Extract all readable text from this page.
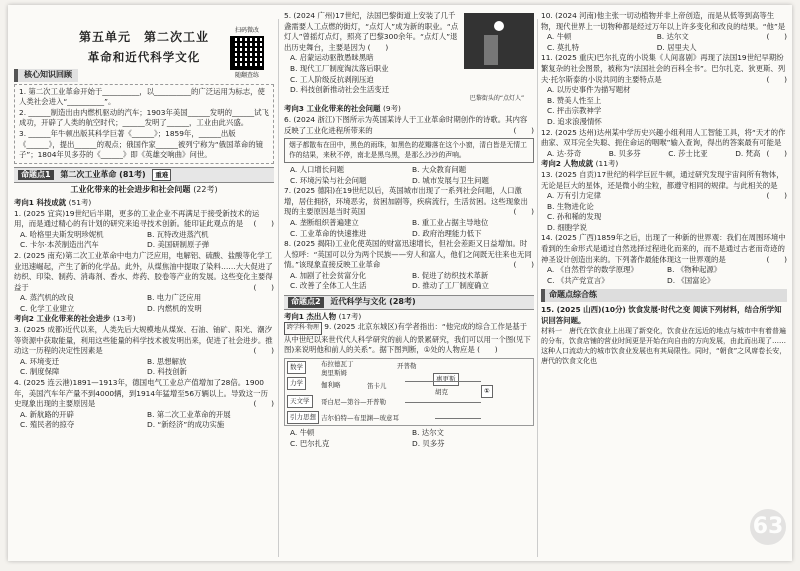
第五单元　第二次工业
革命和近代科学文化
扫码微改
随翻查练
核心知识回顾

1. 第二次工业革命开始于__________，以__________的广泛运用为标志，使人类社会进入“__________”。

2. ______制造出由内燃机驱动的汽车；1903年美国______发明的______试飞成功，开辟了人类的航空时代；______发明了______，工业由此兴盛。

3. ______年牛顿出版其科学巨著《______》；1859年，______出版《______》，提出______的观点；俄国作家______被列宁称为“俄国革命的镜子”；1804年贝多芬的《______》即《英雄交响曲》问世。

命题点1 第二次工业革命 (81考) 重难
工业化带来的社会进步和社会问题 (22考)
考向1 科技成就 (51考)

1. (2025 宜宾)19世纪后半期，更多的工业企业不再满足于接受新技术的运用，而是通过精心的有计划的研究来追寻技术创新。能印证此观点的是 (　　)

A. 哈格里夫斯发明珍妮机	B. 瓦特改进蒸汽机
C. 卡尔·本茨制造出汽车	D. 美国研制原子弹

2. (2025 南充)第二次工业革命中电力广泛应用，电解铝、硫酸、盐酸等化学工业迅速崛起，产生了新的化学品。此外，从煤焦油中提取了染料……大大促进了纺织、印染、制药、消毒剂、香水、炸药、胶卷等产业的发展。这些变化主要得益于	(　　)

A. 蒸汽机的改良	B. 电力广泛应用
C. 化学工业建立	D. 内燃机的发明
考向2 工业化带来的社会进步 (13考)

3. (2025 成都)近代以来，人类先后大规模地从煤炭、石油、铀矿、阳光、潮汐等资源中获取能量，利用这些能量的科学技术被发明出来，促进了社会进步。推动这一历程的决定性因素是	(　　)

A. 环境变迁	B. 思想解放
C. 制度保障	D. 科技创新

4. (2025 连云港)1891—1913年，德国电气工业总产值增加了28倍。1900年，美国汽车年产量不到4000辆，到1914年猛增至56万辆以上。导致这一历史现象出现的主要原因是	(　　)

A. 新航路的开辟	B. 第二次工业革命的开展
C. 殖民者的掠夺	D. “新经济”的成功实施

5. (2024 广州)17世纪，法国巴黎街道上安装了几千盏需要人工点燃的街灯，“点灯人”成为新的职业。“点灯人”曾摇灯点灯，照亮了巴黎300余年。“点灯人”退出历史舞台，主要是因为 (　　)

A. 启蒙运动驱散愚昧黑暗
B. 现代工厂制度淘汰落后职业
C. 工人阶级反抗剥削压迫
D. 科技创新推动社会生活变迁
巴黎街头的“点灯人”
考向3 工业化带来的社会问题 (9考)

6. (2024 浙江)下图所示为英国某诗人于工业革命时期创作的诗歌。其内容反映了工业化进程所带来的	(　　)

烟子都散布在田中，黑色的雨珠，如黑色的花瓣落在这个小窗，清白皆是无情工作的结果，来秋不停，南北是黑乌黑，是那么沙沙的声响。
A. 人口增长问题	B. 大众教育问题
C. 环境污染与社会问题	D. 城市发展与卫生问题

7. (2025 德阳)在19世纪以后，英国城市出现了一系列社会问题，人口激增，居住拥挤，环境恶劣，贫困加剧等，疾病流行，生活贫困。这些现象出现的主要原因是当时英国	(　　)

A. 垄断组织普遍建立	B. 重工业占据主导地位
C. 工业革命的快速推进	D. 政府治理能力低下

8. (2025 揭阳)工业化使英国的财富迅速增长，但社会差距又日益增加。时人惊呼：“英国可以分为两个民族——穷人和富人，他们之间既无往来也无同情。”该现象直接反映工业革命	(　　)

A. 加剧了社会贫富分化	B. 促进了纺织技术革新
C. 改善了全体工人生活	D. 推动了工厂制度确立
命题点2 近代科学与文化 (28考)
考向1 杰出人物 (17考)

跨学科·物理 9. (2025 北京东城区)有学者指出：“他完成的综合工作是基于从中世纪以来世代代人科学研究的前人的景累研究，我们可以用一个图(见下图)来说明他和前人的关系”。据下图判断，①处的人物应是 (　　)

数学
力学
天文学
引力思想
布拉德瓦丁
奥里斯姆
伽利略
开普勒
惠更斯
胡克
笛卡儿
哥白尼—第谷—开普勒
吉尔伯特—布里渊—玻意耳
①
A. 牛顿	B. 达尔文
C. 巴尔扎克	D. 贝多芬

10. (2024 河南)他主张一切动植物并非上帝创造，而是从低等到高等生物，现代世界上一切物种都是经过万年以上许多变化和改良的结果。“他”是
(　　)

A. 牛顿	B. 达尔文
C. 莫扎特	D. 居里夫人

11. (2025 重庆)巴尔扎克的小说集《人间喜剧》再现了法国19世纪早期纷繁复杂的社会图景，被称为“法国社会的百科全书”。巴尔扎克、狄更斯、列夫·托尔斯泰的小说共同的主要特点是	(　　)

A. 以历史事件为描写题材
B. 赞美人性至上
C. 抨击宗教神学
D. 追求浪漫情怀

12. (2025 达州)达州某中学历史兴趣小组利用人工智能工具，将“天才的作曲家、双耳完全失聪、扼住命运的咽喉”输入查询，得出的答案最有可能是
(　　)

A. 达·芬奇	B. 贝多芬	C. 莎士比亚	D. 梵高
考向2 人物成就 (11考)

13. (2025 自贡)17世纪的科学巨匠牛顿，通过研究发现宇宙间所有物体，无论是巨大的星体，还是微小的尘粒，都遵守相同的规律。与此相关的是
(　　)

A. 万有引力定律
B. 生物进化论
C. 孙和稀的发现
D. 细胞学说

14. (2025 广西)1859年之后，出现了一种新的世界观：我们在周围环境中看到的生命形式是通过自然选择过程进化而来的，而不是通过古老而奇迹的神圣设计创造出来的。下列著作最能体现这一世界观的是	(　　)

A. 《自然哲学的数学原理》	B. 《物种起源》
C. 《共产党宣言》	D. 《国富论》
命题点综合练

15. (2025 山西)(10分) 饮食发展·时代之变 阅读下列材料，结合所学知识回答问题。

材料一　唐代在饮食业上出现了新变化，饮食业在远近的地点与城市中有着普遍的分布，饮食店铺的营业时间更是开始在向自由的方向发展，由此而出现了……这种人口流动大的城市饮食业发展也有其局限性。同时，“朝食”之风席卷长安，唐代的饮食文化也

63
